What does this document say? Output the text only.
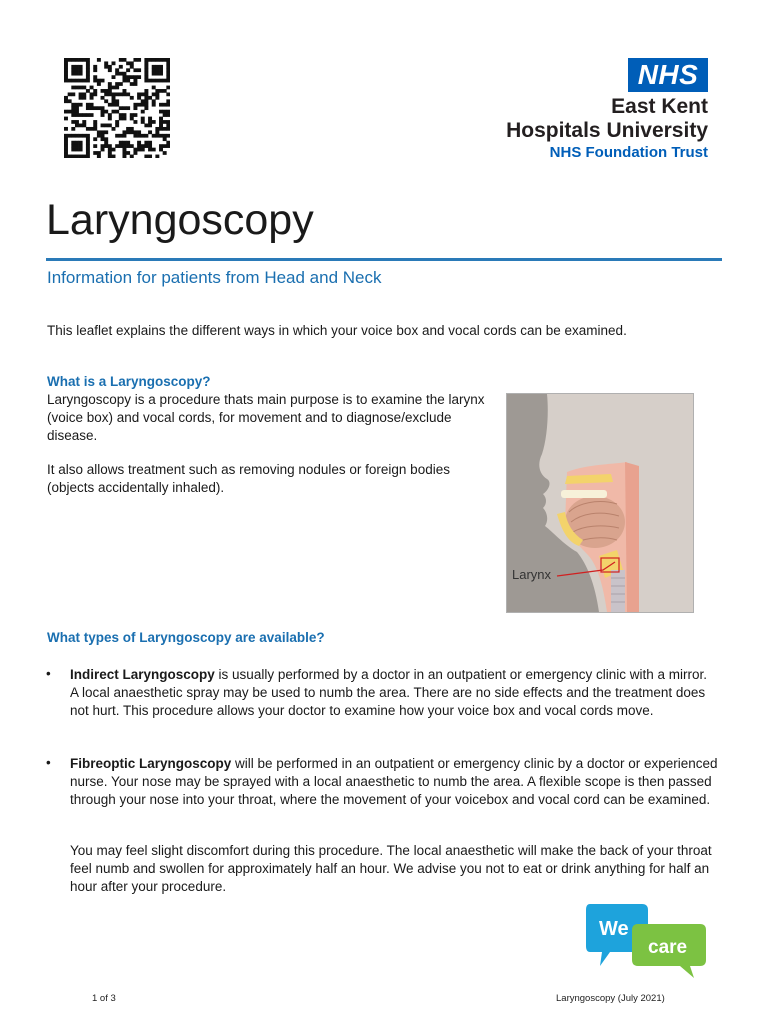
NHS
East Kent
Hospitals University
NHS Foundation Trust
Laryngoscopy
Information for patients from Head and Neck
This leaflet explains the different ways in which your voice box and vocal cords can be examined.
What is a Laryngoscopy?
Laryngoscopy is a procedure thats main purpose is to examine the larynx (voice box) and vocal cords, for movement and to diagnose/exclude disease.
It also allows treatment such as removing nodules or foreign bodies (objects accidentally inhaled).
Larynx
What types of Laryngoscopy are available?
• Indirect Laryngoscopy is usually performed by a doctor in an outpatient or emergency clinic with a mirror. A local anaesthetic spray may be used to numb the area. There are no side effects and the treatment does not hurt. This procedure allows your doctor to examine how your voice box and vocal cords move.
• Fibreoptic Laryngoscopy will be performed in an outpatient or emergency clinic by a doctor or experienced nurse. Your nose may be sprayed with a local anaesthetic to numb the area. A flexible scope is then passed through your nose into your throat, where the movement of your voicebox and vocal cord can be examined.
You may feel slight discomfort during this procedure. The local anaesthetic will make the back of your throat feel numb and swollen for approximately half an hour. We advise you not to eat or drink anything for half an hour after your procedure.
We
care
1 of 3	Laryngoscopy (July 2021)
